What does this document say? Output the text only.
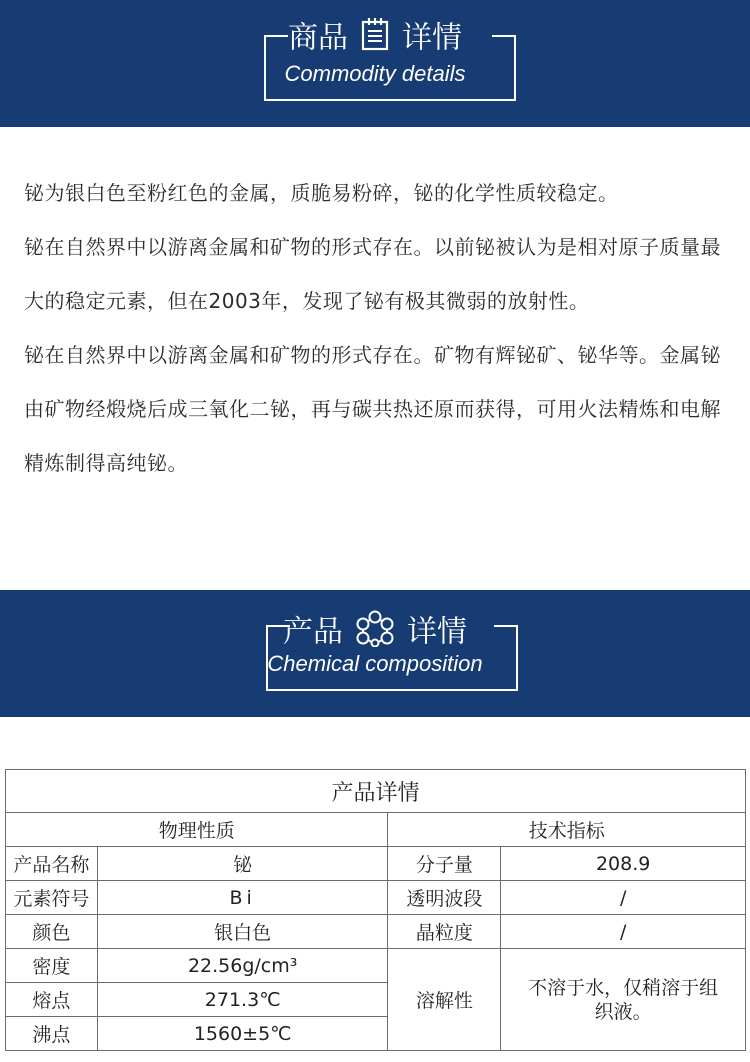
商品 详情
Commodity details

铋为银白色至粉红色的金属，质脆易粉碎，铋的化学性质较稳定。

铋在自然界中以游离金属和矿物的形式存在。以前铋被认为是相对原子质量最大的稳定元素，但在2003年，发现了铋有极其微弱的放射性。

铋在自然界中以游离金属和矿物的形式存在。矿物有辉铋矿、铋华等。金属铋由矿物经煅烧后成三氧化二铋，再与碳共热还原而获得，可用火法精炼和电解精炼制得高纯铋。

产品 详情
Chemical composition
产品详情			
物理性质		技术指标	
产品名称	铋	分子量	208.9
元素符号	Bi	透明波段	/
颜色	银白色	晶粒度	/
密度	22.56g/cm³	溶解性	不溶于水，仅稍溶于组织液。
熔点	271.3℃		
沸点	1560±5℃		
